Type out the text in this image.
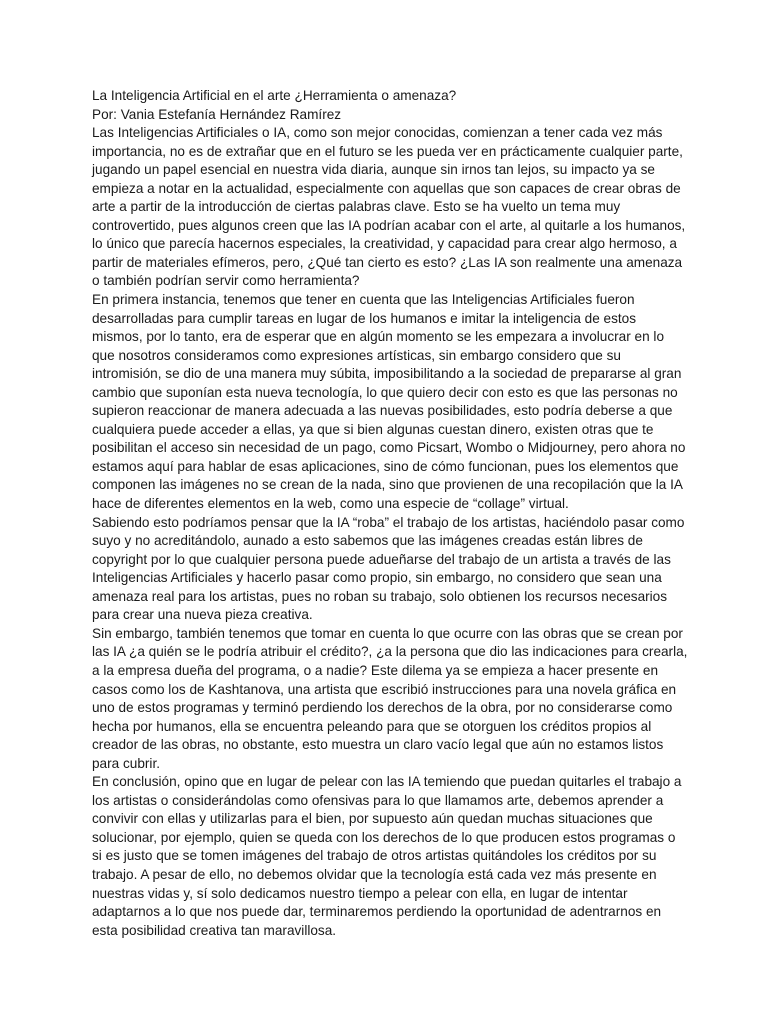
La Inteligencia Artificial en el arte ¿Herramienta o amenaza?

Por: Vania Estefanía Hernández Ramírez

Las Inteligencias Artificiales o IA, como son mejor conocidas, comienzan a tener cada vez más importancia, no es de extrañar que en el futuro se les pueda ver en prácticamente cualquier parte, jugando un papel esencial en nuestra vida diaria, aunque sin irnos tan lejos, su impacto ya se empieza a notar en la actualidad, especialmente con aquellas que son capaces de crear obras de arte a partir de la introducción de ciertas palabras clave. Esto se ha vuelto un tema muy controvertido, pues algunos creen que las IA podrían acabar con el arte, al quitarle a los humanos, lo único que parecía hacernos especiales, la creatividad, y capacidad para crear algo hermoso, a partir de materiales efímeros, pero, ¿Qué tan cierto es esto? ¿Las IA son realmente una amenaza o también podrían servir como herramienta?

En primera instancia, tenemos que tener en cuenta que las Inteligencias Artificiales fueron desarrolladas para cumplir tareas en lugar de los humanos e imitar la inteligencia de estos mismos, por lo tanto, era de esperar que en algún momento se les empezara a involucrar en lo que nosotros consideramos como expresiones artísticas, sin embargo considero que su intromisión, se dio de una manera muy súbita, imposibilitando a la sociedad de prepararse al gran cambio que suponían esta nueva tecnología, lo que quiero decir con esto es que las personas no supieron reaccionar de manera adecuada a las nuevas posibilidades, esto podría deberse a que cualquiera puede acceder a ellas, ya que si bien algunas cuestan dinero, existen otras que te posibilitan el acceso sin necesidad de un pago, como Picsart, Wombo o Midjourney, pero ahora no estamos aquí para hablar de esas aplicaciones, sino de cómo funcionan, pues los elementos que componen las imágenes no se crean de la nada, sino que provienen de una recopilación que la IA hace de diferentes elementos en la web, como una especie de “collage” virtual.

Sabiendo esto podríamos pensar que la IA “roba” el trabajo de los artistas, haciéndolo pasar como suyo y no acreditándolo, aunado a esto sabemos que las imágenes creadas están libres de copyright por lo que cualquier persona puede adueñarse del trabajo de un artista a través de las Inteligencias Artificiales y hacerlo pasar como propio, sin embargo, no considero que sean una amenaza real para los artistas, pues no roban su trabajo, solo obtienen los recursos necesarios para crear una nueva pieza creativa.

Sin embargo, también tenemos que tomar en cuenta lo que ocurre con las obras que se crean por las IA ¿a quién se le podría atribuir el crédito?, ¿a la persona que dio las indicaciones para crearla, a la empresa dueña del programa, o a nadie? Este dilema ya se empieza a hacer presente en casos como los de Kashtanova, una artista que escribió instrucciones para una novela gráfica en uno de estos programas y terminó perdiendo los derechos de la obra, por no considerarse como hecha por humanos, ella se encuentra peleando para que se otorguen los créditos propios al creador de las obras, no obstante, esto muestra un claro vacío legal que aún no estamos listos para cubrir.

En conclusión, opino que en lugar de pelear con las IA temiendo que puedan quitarles el trabajo a los artistas o considerándolas como ofensivas para lo que llamamos arte, debemos aprender a convivir con ellas y utilizarlas para el bien, por supuesto aún quedan muchas situaciones que solucionar, por ejemplo, quien se queda con los derechos de lo que producen estos programas o si es justo que se tomen imágenes del trabajo de otros artistas quitándoles los créditos por su trabajo. A pesar de ello, no debemos olvidar que la tecnología está cada vez más presente en nuestras vidas y, sí solo dedicamos nuestro tiempo a pelear con ella, en lugar de intentar adaptarnos a lo que nos puede dar, terminaremos perdiendo la oportunidad de adentrarnos en esta posibilidad creativa tan maravillosa.
